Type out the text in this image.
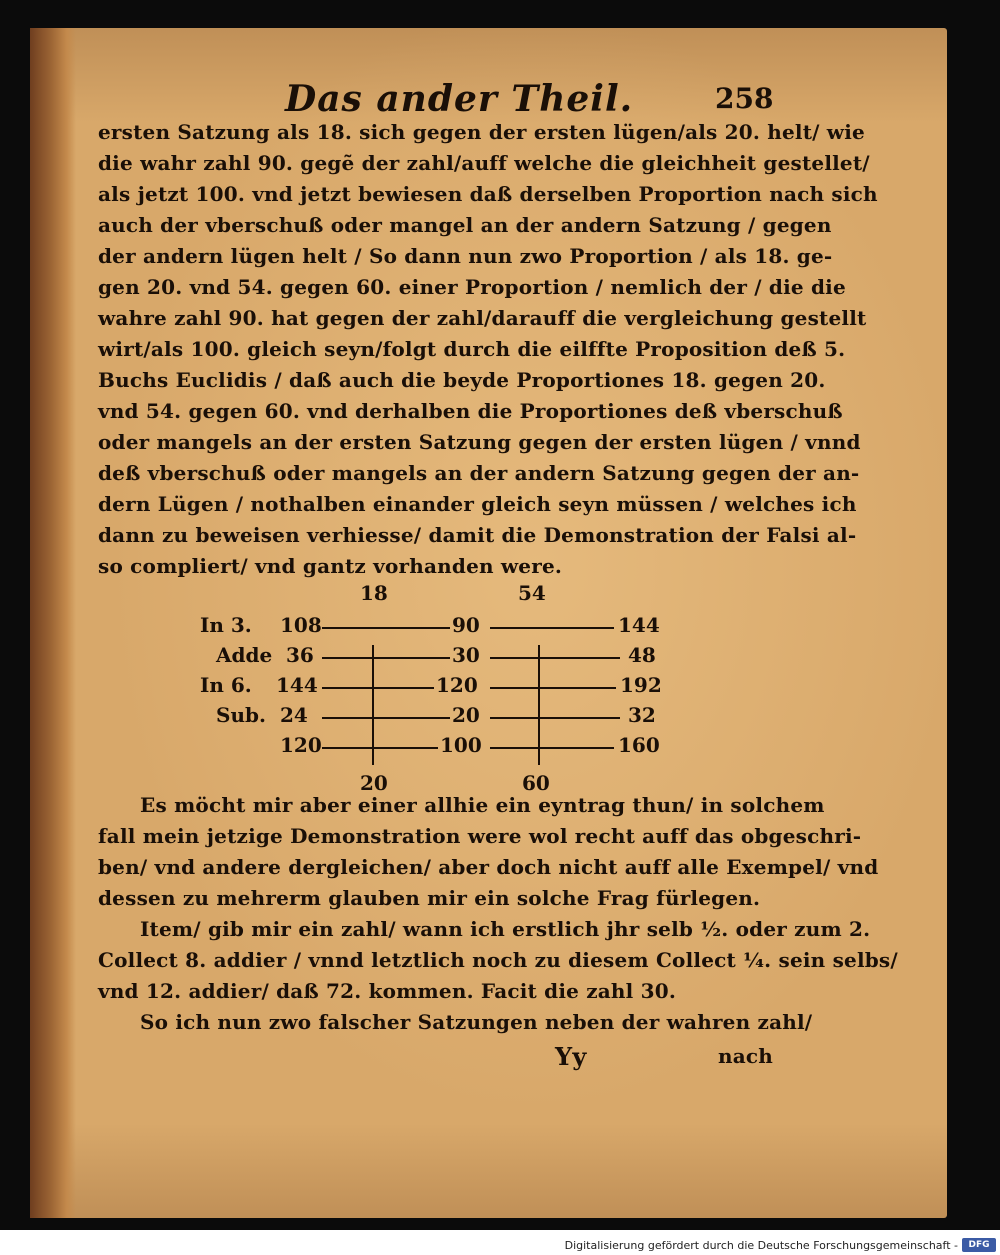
Das ander Theil.	258
ersten Satzung als 18. sich gegen der ersten lügen/als 20. helt/ wie
die wahr zahl 90. gegẽ der zahl/auff welche die gleichheit gestellet/
als jetzt 100. vnd jetzt bewiesen daß derselben Proportion nach sich
auch der vberschuß oder mangel an der andern Satzung / gegen
der andern lügen helt / So dann nun zwo Proportion / als 18. ge-
gen 20. vnd 54. gegen 60. einer Proportion / nemlich der / die die
wahre zahl 90. hat gegen der zahl/darauff die vergleichung gestellt
wirt/als 100. gleich seyn/folgt durch die eilffte Proposition deß 5.
Buchs Euclidis / daß auch die beyde Proportiones 18. gegen 20.
vnd 54. gegen 60. vnd derhalben die Proportiones deß vberschuß
oder mangels an der ersten Satzung gegen der ersten lügen / vnnd
deß vberschuß oder mangels an der andern Satzung gegen der an-
dern Lügen / nothalben einander gleich seyn müssen / welches ich
dann zu beweisen verhiesse/ damit die Demonstration der Falsi al-
so compliert/ vnd gantz vorhanden were.
18	54
In 3. 108	90	144
Adde 36	30	48
In 6. 144	120	192
Sub. 24	20	32
120	100	160
20	60
Es möcht mir aber einer allhie ein eyntrag thun/ in solchem
fall mein jetzige Demonstration were wol recht auff das obgeschri-
ben/ vnd andere dergleichen/ aber doch nicht auff alle Exempel/ vnd
dessen zu mehrerm glauben mir ein solche Frag fürlegen.
Item/ gib mir ein zahl/ wann ich erstlich jhr selb ½. oder zum 2.
Collect 8. addier / vnnd letztlich noch zu diesem Collect ¼. sein selbs/
vnd 12. addier/ daß 72. kommen. Facit die zahl 30.
So ich nun zwo falscher Satzungen neben der wahren zahl/
Yy	nach
Digitalisierung gefördert durch die Deutsche Forschungsgemeinschaft -	DFG
